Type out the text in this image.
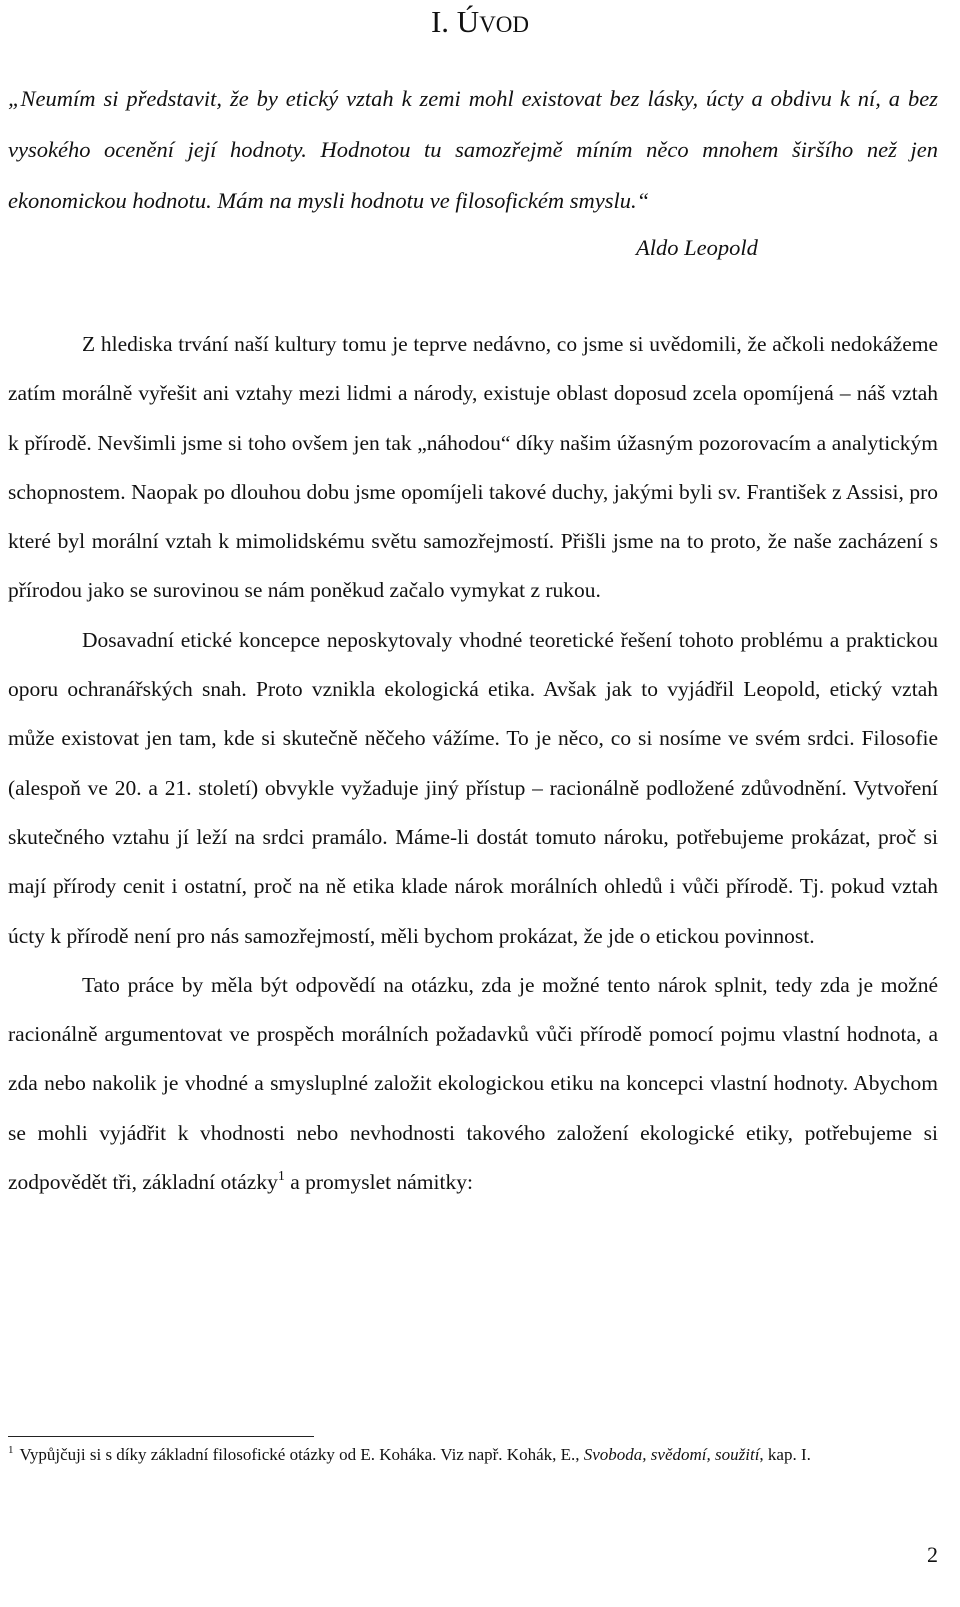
I. ÚVOD
„Neumím si představit, že by etický vztah k zemi mohl existovat bez lásky, úcty a obdivu k ní, a bez vysokého ocenění její hodnoty. Hodnotou tu samozřejmě míním něco mnohem širšího než jen ekonomickou hodnotu. Mám na mysli hodnotu ve filosofickém smyslu.“
Aldo Leopold

Z hlediska trvání naší kultury tomu je teprve nedávno, co jsme si uvědomili, že ačkoli nedokážeme zatím morálně vyřešit ani vztahy mezi lidmi a národy, existuje oblast doposud zcela opomíjená – náš vztah k přírodě. Nevšimli jsme si toho ovšem jen tak „náhodou“ díky našim úžasným pozorovacím a analytickým schopnostem. Naopak po dlouhou dobu jsme opomíjeli takové duchy, jakými byli sv. František z Assisi, pro které byl morální vztah k mimolidskému světu samozřejmostí. Přišli jsme na to proto, že naše zacházení s přírodou jako se surovinou se nám poněkud začalo vymykat z rukou.

Dosavadní etické koncepce neposkytovaly vhodné teoretické řešení tohoto problému a praktickou oporu ochranářských snah. Proto vznikla ekologická etika. Avšak jak to vyjádřil Leopold, etický vztah může existovat jen tam, kde si skutečně něčeho vážíme. To je něco, co si nosíme ve svém srdci. Filosofie (alespoň ve 20. a 21. století) obvykle vyžaduje jiný přístup – racionálně podložené zdůvodnění. Vytvoření skutečného vztahu jí leží na srdci pramálo. Máme-li dostát tomuto nároku, potřebujeme prokázat, proč si mají přírody cenit i ostatní, proč na ně etika klade nárok morálních ohledů i vůči přírodě. Tj. pokud vztah úcty k přírodě není pro nás samozřejmostí, měli bychom prokázat, že jde o etickou povinnost.

Tato práce by měla být odpovědí na otázku, zda je možné tento nárok splnit, tedy zda je možné racionálně argumentovat ve prospěch morálních požadavků vůči přírodě pomocí pojmu vlastní hodnota, a zda nebo nakolik je vhodné a smysluplné založit ekologickou etiku na koncepci vlastní hodnoty. Abychom se mohli vyjádřit k vhodnosti nebo nevhodnosti takového založení ekologické etiky, potřebujeme si zodpovědět tři, základní otázky$^1$ a promyslet námitky:

$^1$ Vypůjčuji si s díky základní filosofické otázky od E. Koháka. Viz např. Kohák, E., Svoboda, svědomí, soužití, kap. I.
2
